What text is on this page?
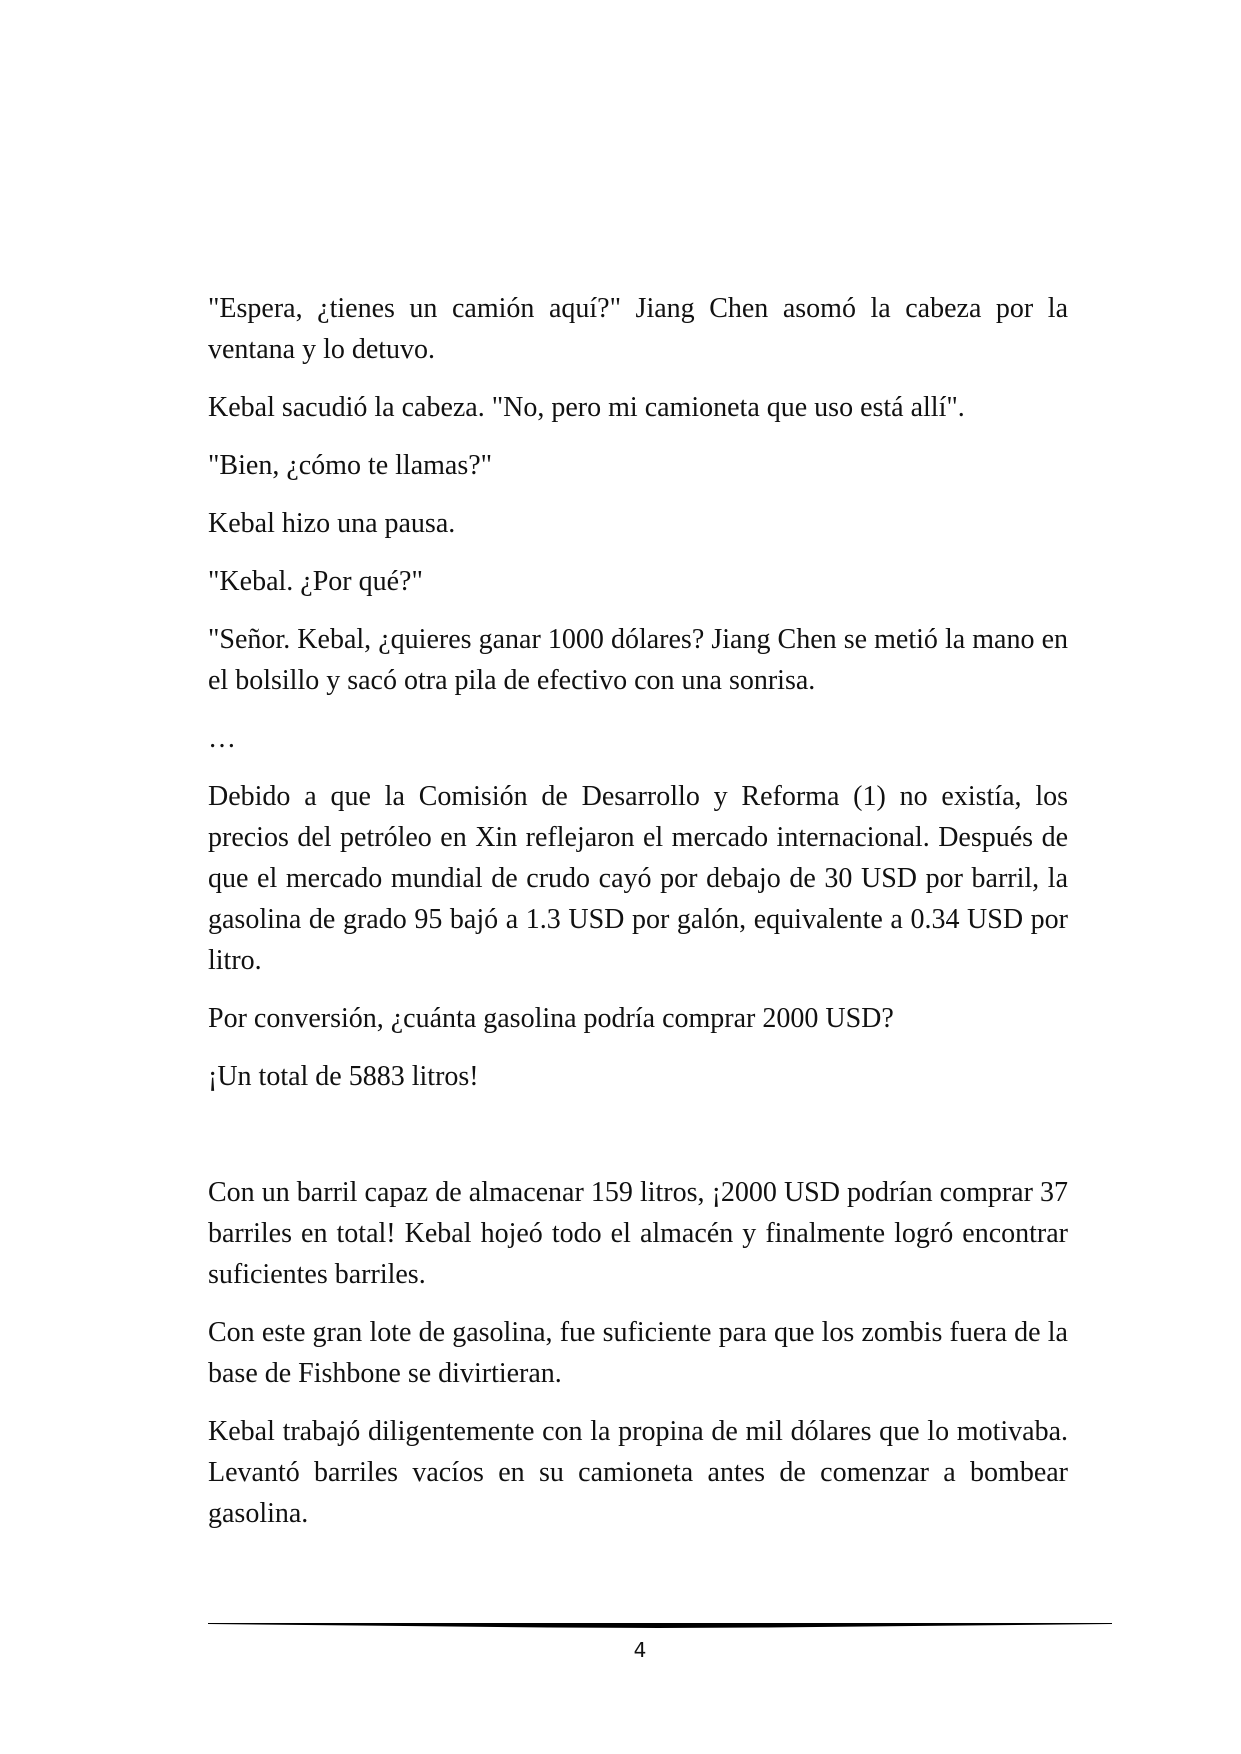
"Espera, ¿tienes un camión aquí?" Jiang Chen asomó la cabeza por la ventana y lo detuvo.

Kebal sacudió la cabeza. "No, pero mi camioneta que uso está allí".

"Bien, ¿cómo te llamas?"

Kebal hizo una pausa.

"Kebal. ¿Por qué?"

"Señor. Kebal, ¿quieres ganar 1000 dólares? Jiang Chen se metió la mano en el bolsillo y sacó otra pila de efectivo con una sonrisa.

…

Debido a que la Comisión de Desarrollo y Reforma (1) no existía, los precios del petróleo en Xin reflejaron el mercado internacional. Después de que el mercado mundial de crudo cayó por debajo de 30 USD por barril, la gasolina de grado 95 bajó a 1.3 USD por galón, equivalente a 0.34 USD por litro.

Por conversión, ¿cuánta gasolina podría comprar 2000 USD?

¡Un total de 5883 litros!

Con un barril capaz de almacenar 159 litros, ¡2000 USD podrían comprar 37 barriles en total! Kebal hojeó todo el almacén y finalmente logró encontrar suficientes barriles.

Con este gran lote de gasolina, fue suficiente para que los zombis fuera de la base de Fishbone se divirtieran.

Kebal trabajó diligentemente con la propina de mil dólares que lo motivaba. Levantó barriles vacíos en su camioneta antes de comenzar a bombear gasolina.

4
